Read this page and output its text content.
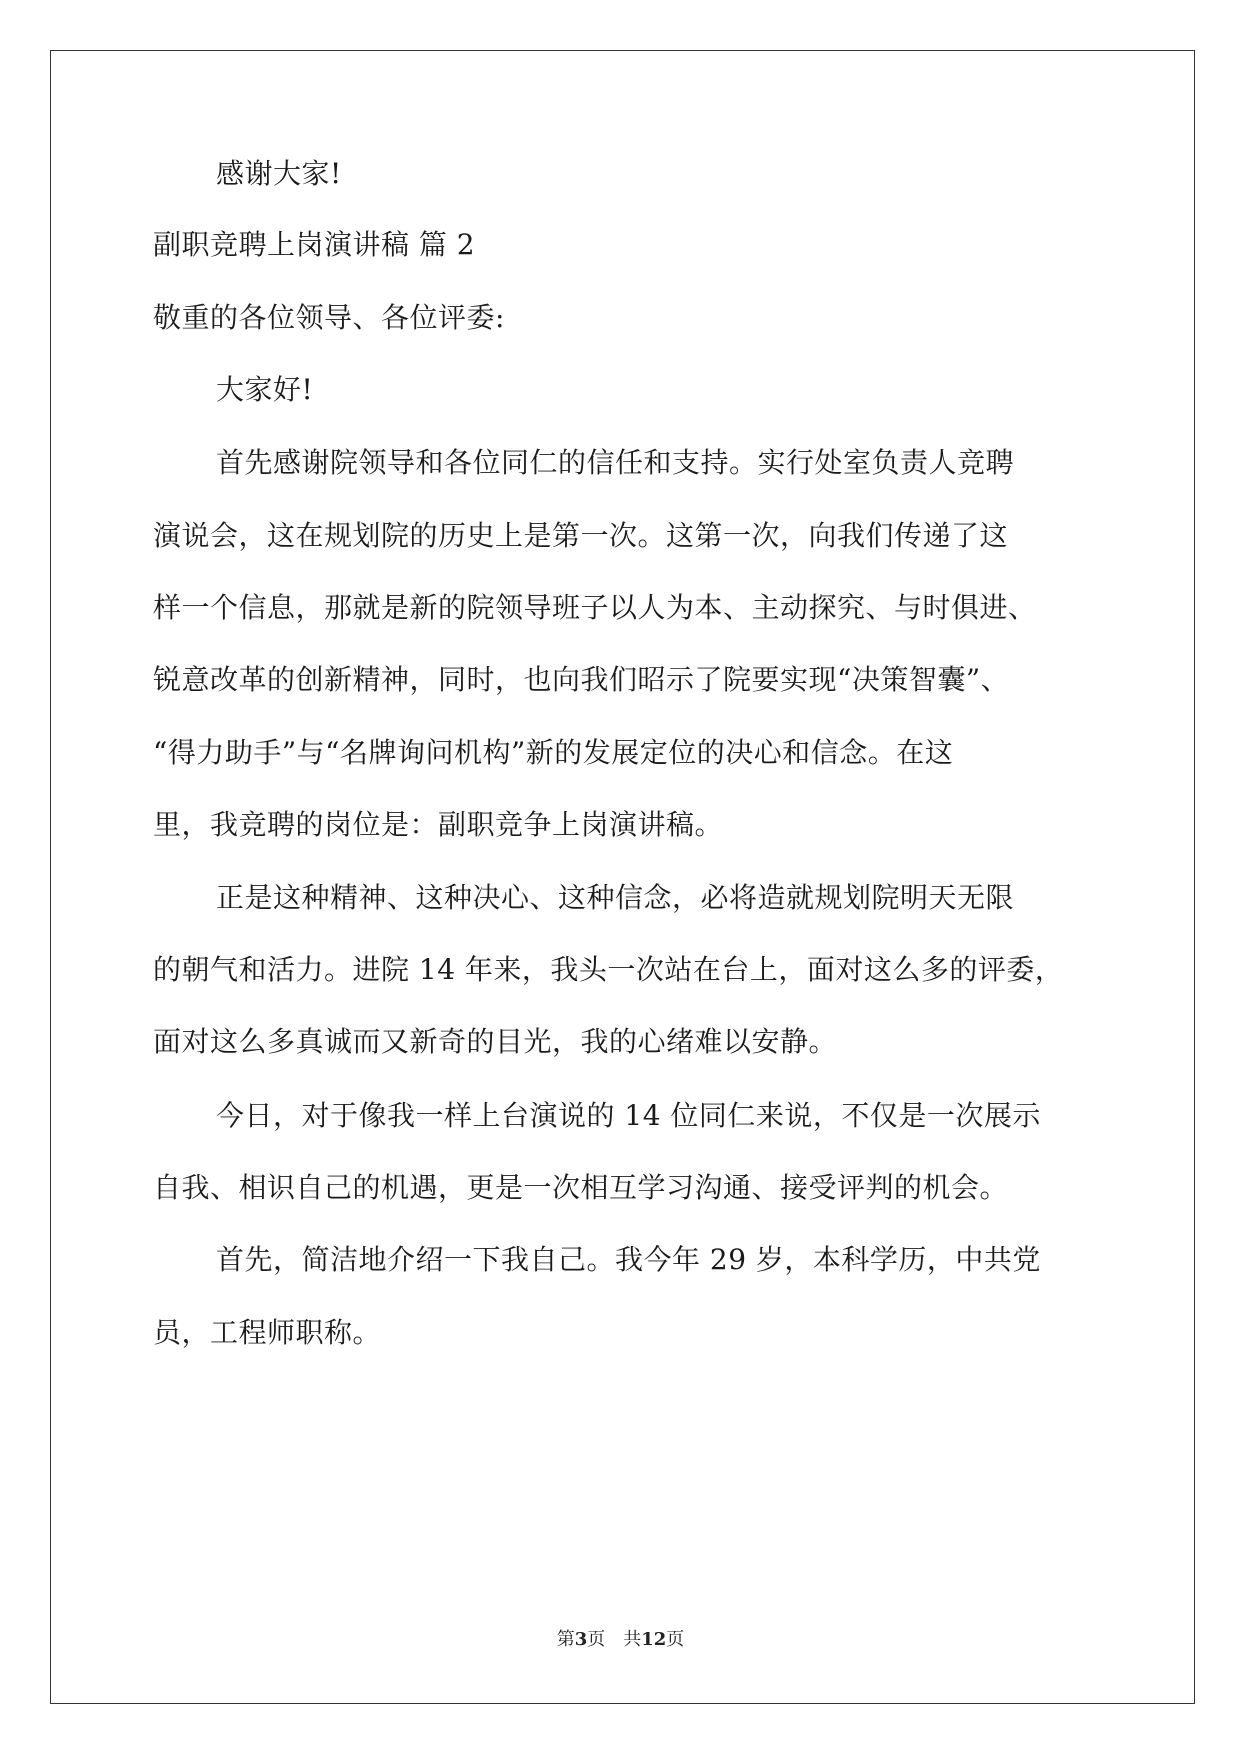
感谢大家!
副职竞聘上岗演讲稿 篇 2
敬重的各位领导、各位评委:
大家好!
首先感谢院领导和各位同仁的信任和支持。实行处室负责人竞聘
演说会，这在规划院的历史上是第一次。这第一次，向我们传递了这
样一个信息，那就是新的院领导班子以人为本、主动探究、与时俱进、
锐意改革的创新精神，同时，也向我们昭示了院要实现“决策智囊”、
“得力助手”与“名牌询问机构”新的发展定位的决心和信念。在这
里，我竞聘的岗位是：副职竞争上岗演讲稿。
正是这种精神、这种决心、这种信念，必将造就规划院明天无限
的朝气和活力。进院 14 年来，我头一次站在台上，面对这么多的评委，
面对这么多真诚而又新奇的目光，我的心绪难以安静。
今日，对于像我一样上台演说的 14 位同仁来说，不仅是一次展示
自我、相识自己的机遇，更是一次相互学习沟通、接受评判的机会。
首先，简洁地介绍一下我自己。我今年 29 岁，本科学历，中共党
员，工程师职称。
第3页 共12页
